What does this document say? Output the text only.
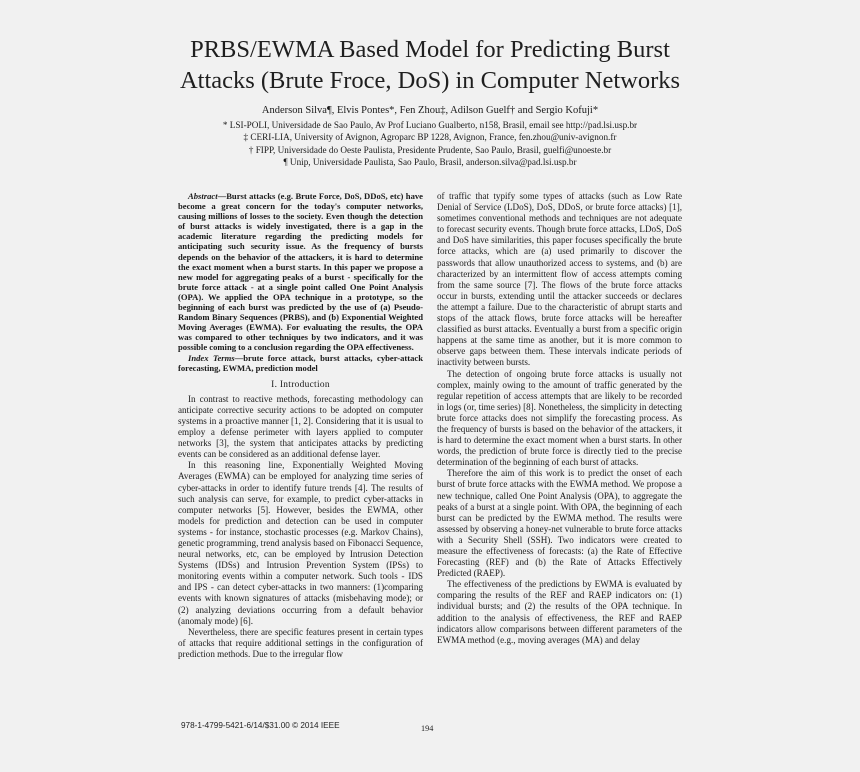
PRBS/EWMA Based Model for Predicting Burst
Attacks (Brute Froce, DoS) in Computer Networks
Anderson Silva¶, Elvis Pontes*, Fen Zhou‡, Adilson Guelf† and Sergio Kofuji*
* LSI-POLI, Universidade de Sao Paulo, Av Prof Luciano Gualberto, n158, Brasil, email see http://pad.lsi.usp.br
‡ CERI-LIA, University of Avignon, Agroparc BP 1228, Avignon, France, fen.zhou@univ-avignon.fr
† FIPP, Universidade do Oeste Paulista, Presidente Prudente, Sao Paulo, Brasil, guelfi@unoeste.br
¶ Unip, Universidade Paulista, Sao Paulo, Brasil, anderson.silva@pad.lsi.usp.br

Abstract—Burst attacks (e.g. Brute Force, DoS, DDoS, etc) have become a great concern for the today's computer networks, causing millions of losses to the society. Even though the detection of burst attacks is widely investigated, there is a gap in the academic literature regarding the predicting models for anticipating such security issue. As the frequency of bursts depends on the behavior of the attackers, it is hard to determine the exact moment when a burst starts. In this paper we propose a new model for aggregating peaks of a burst - specifically for the brute force attack - at a single point called One Point Analysis (OPA). We applied the OPA technique in a prototype, so the beginning of each burst was predicted by the use of (a) Pseudo-Random Binary Sequences (PRBS), and (b) Exponential Weighted Moving Averages (EWMA). For evaluating the results, the OPA was compared to other techniques by two indicators, and it was possible coming to a conclusion regarding the OPA effectiveness.

Index Terms—brute force attack, burst attacks, cyber-attack forecasting, EWMA, prediction model

I. Introduction

In contrast to reactive methods, forecasting methodology can anticipate corrective security actions to be adopted on computer systems in a proactive manner [1, 2]. Considering that it is usual to employ a defense perimeter with layers applied to computer networks [3], the system that anticipates attacks by predicting events can be considered as an additional defense layer.

In this reasoning line, Exponentially Weighted Moving Averages (EWMA) can be employed for analyzing time series of cyber-attacks in order to identify future trends [4]. The results of such analysis can serve, for example, to predict cyber-attacks in computer networks [5]. However, besides the EWMA, other models for prediction and detection can be used in computer systems - for instance, stochastic processes (e.g. Markov Chains), genetic programming, trend analysis based on Fibonacci Sequence, neural networks, etc, can be employed by Intrusion Detection Systems (IDSs) and Intrusion Prevention System (IPSs) to monitoring events within a computer network. Such tools - IDS and IPS - can detect cyber-attacks in two manners: (1)comparing events with known signatures of attacks (misbehaving mode); or (2) analyzing deviations occurring from a default behavior (anomaly mode) [6].

Nevertheless, there are specific features present in certain types of attacks that require additional settings in the configuration of prediction methods. Due to the irregular flow

of traffic that typify some types of attacks (such as Low Rate Denial of Service (LDoS), DoS, DDoS, or brute force attacks) [1], sometimes conventional methods and techniques are not adequate to forecast security events. Though brute force attacks, LDoS, DoS and DoS have similarities, this paper focuses specifically the brute force attacks, which are (a) used primarily to discover the passwords that allow unauthorized access to systems, and (b) are characterized by an intermittent flow of access attempts coming from the same source [7]. The flows of the brute force attacks occur in bursts, extending until the attacker succeeds or declares the attempt a failure. Due to the characteristic of abrupt starts and stops of the attack flows, brute force attacks will be hereafter classified as burst attacks. Eventually a burst from a specific origin happens at the same time as another, but it is more common to observe gaps between them. These intervals indicate periods of inactivity between bursts.

The detection of ongoing brute force attacks is usually not complex, mainly owing to the amount of traffic generated by the regular repetition of access attempts that are likely to be recorded in logs (or, time series) [8]. Nonetheless, the simplicity in detecting brute force attacks does not simplify the forecasting process. As the frequency of bursts is based on the behavior of the attackers, it is hard to determine the exact moment when a burst starts. In other words, the prediction of brute force is directly tied to the precise determination of the beginning of each burst of attacks.

Therefore the aim of this work is to predict the onset of each burst of brute force attacks with the EWMA method. We propose a new technique, called One Point Analysis (OPA), to aggregate the peaks of a burst at a single point. With OPA, the beginning of each burst can be predicted by the EWMA method. The results were assessed by observing a honey-net vulnerable to brute force attacks with a Security Shell (SSH). Two indicators were created to measure the effectiveness of forecasts: (a) the Rate of Effective Forecasting (REF) and (b) the Rate of Attacks Effectively Predicted (RAEP).

The effectiveness of the predictions by EWMA is evaluated by comparing the results of the REF and RAEP indicators on: (1) individual bursts; and (2) the results of the OPA technique. In addition to the analysis of effectiveness, the REF and RAEP indicators allow comparisons between different parameters of the EWMA method (e.g., moving averages (MA) and delay

978-1-4799-5421-6/14/$31.00 © 2014 IEEE	194
